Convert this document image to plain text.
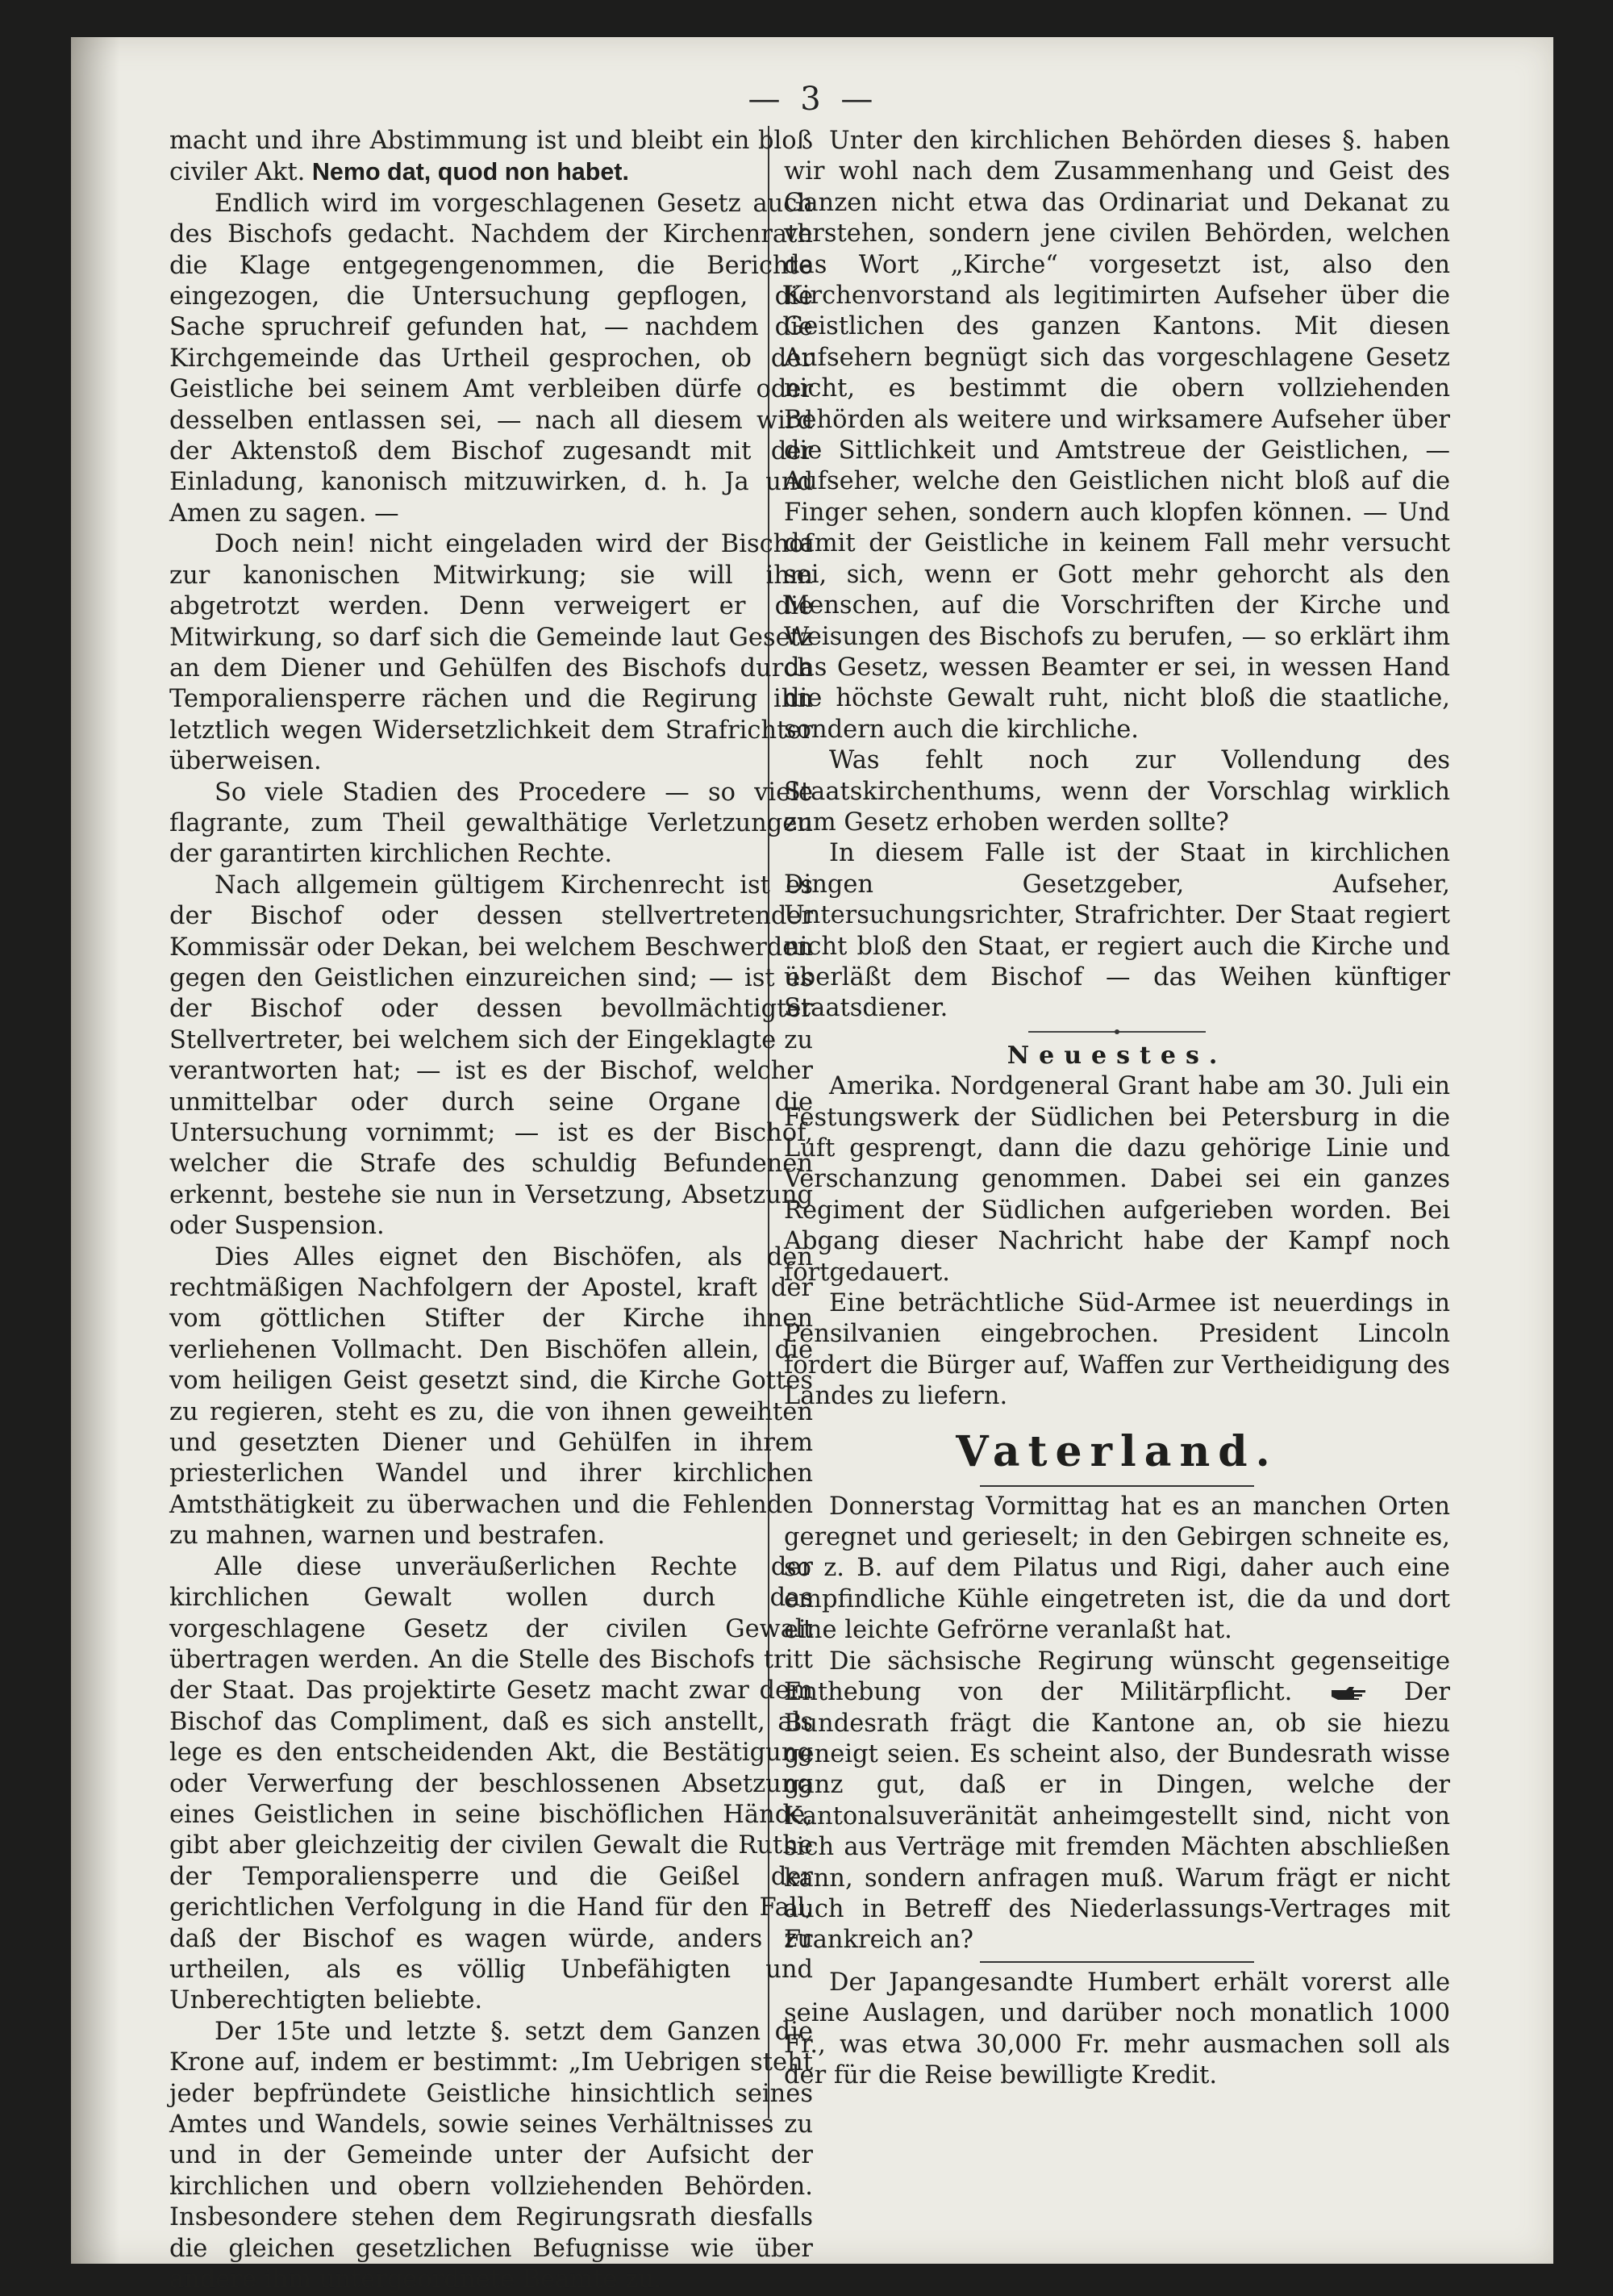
— 3 —

macht und ihre Abstimmung ist und bleibt ein bloß civiler Akt. Nemo dat, quod non habet.

Endlich wird im vorgeschlagenen Gesetz auch des Bischofs gedacht. Nachdem der Kirchenrath die Klage entgegengenommen, die Berichte eingezogen, die Untersuchung gepflogen, die Sache spruchreif gefunden hat, — nachdem die Kirchgemeinde das Urtheil gesprochen, ob der Geistliche bei seinem Amt verbleiben dürfe oder desselben entlassen sei, — nach all diesem wird der Aktenstoß dem Bischof zugesandt mit der Einladung, kanonisch mitzuwirken, d. h. Ja und Amen zu sagen. —

Doch nein! nicht eingeladen wird der Bischof zur kanonischen Mitwirkung; sie will ihm abgetrotzt werden. Denn verweigert er die Mitwirkung, so darf sich die Gemeinde laut Gesetz an dem Diener und Gehülfen des Bischofs durch Temporaliensperre rächen und die Regirung ihn letztlich wegen Widersetzlichkeit dem Strafrichter überweisen.

So viele Stadien des Procedere — so viele flagrante, zum Theil gewalthätige Verletzungen der garantirten kirchlichen Rechte.

Nach allgemein gültigem Kirchenrecht ist es der Bischof oder dessen stellvertretender Kommissär oder Dekan, bei welchem Beschwerden gegen den Geistlichen einzureichen sind; — ist es der Bischof oder dessen bevollmächtigter Stellvertreter, bei welchem sich der Eingeklagte zu verantworten hat; — ist es der Bischof, welcher unmittelbar oder durch seine Organe die Untersuchung vornimmt; — ist es der Bischof, welcher die Strafe des schuldig Befundenen erkennt, bestehe sie nun in Versetzung, Absetzung oder Suspension.

Dies Alles eignet den Bischöfen, als den rechtmäßigen Nachfolgern der Apostel, kraft der vom göttlichen Stifter der Kirche ihnen verliehenen Vollmacht. Den Bischöfen allein, die vom heiligen Geist gesetzt sind, die Kirche Gottes zu regieren, steht es zu, die von ihnen geweihten und gesetzten Diener und Gehülfen in ihrem priesterlichen Wandel und ihrer kirchlichen Amtsthätigkeit zu überwachen und die Fehlenden zu mahnen, warnen und bestrafen.

Alle diese unveräußerlichen Rechte der kirchlichen Gewalt wollen durch das vorgeschlagene Gesetz der civilen Gewalt übertragen werden. An die Stelle des Bischofs tritt der Staat. Das projektirte Gesetz macht zwar dem Bischof das Compliment, daß es sich anstellt, als lege es den entscheidenden Akt, die Bestätigung oder Verwerfung der beschlossenen Absetzung eines Geistlichen in seine bischöflichen Hände, gibt aber gleichzeitig der civilen Gewalt die Ruthe der Temporaliensperre und die Geißel der gerichtlichen Verfolgung in die Hand für den Fall, daß der Bischof es wagen würde, anders zu urtheilen, als es völlig Unbefähigten und Unberechtigten beliebte.

Der 15te und letzte §. setzt dem Ganzen die Krone auf, indem er bestimmt: „Im Uebrigen steht jeder bepfründete Geistliche hinsichtlich seines Amtes und Wandels, sowie seines Verhältnisses zu und in der Gemeinde unter der Aufsicht der kirchlichen und obern vollziehenden Behörden. Insbesondere stehen dem Regirungsrath diesfalls die gleichen gesetzlichen Befugnisse wie über andere ihm untergeordnete Beamte zu.

Unter den kirchlichen Behörden dieses §. haben wir wohl nach dem Zusammenhang und Geist des Ganzen nicht etwa das Ordinariat und Dekanat zu verstehen, sondern jene civilen Behörden, welchen das Wort „Kirche“ vorgesetzt ist, also den Kirchenvorstand als legitimirten Aufseher über die Geistlichen des ganzen Kantons. Mit diesen Aufsehern begnügt sich das vorgeschlagene Gesetz nicht, es bestimmt die obern vollziehenden Behörden als weitere und wirksamere Aufseher über die Sittlichkeit und Amtstreue der Geistlichen, — Aufseher, welche den Geistlichen nicht bloß auf die Finger sehen, sondern auch klopfen können. — Und damit der Geistliche in keinem Fall mehr versucht sei, sich, wenn er Gott mehr gehorcht als den Menschen, auf die Vorschriften der Kirche und Weisungen des Bischofs zu berufen, — so erklärt ihm das Gesetz, wessen Beamter er sei, in wessen Hand die höchste Gewalt ruht, nicht bloß die staatliche, sondern auch die kirchliche.

Was fehlt noch zur Vollendung des Staatskirchenthums, wenn der Vorschlag wirklich zum Gesetz erhoben werden sollte?

In diesem Falle ist der Staat in kirchlichen Dingen Gesetzgeber, Aufseher, Untersuchungsrichter, Strafrichter. Der Staat regiert nicht bloß den Staat, er regiert auch die Kirche und überläßt dem Bischof — das Weihen künftiger Staatsdiener.

Neuestes.

Amerika. Nordgeneral Grant habe am 30. Juli ein Festungswerk der Südlichen bei Petersburg in die Luft gesprengt, dann die dazu gehörige Linie und Verschanzung genommen. Dabei sei ein ganzes Regiment der Südlichen aufgerieben worden. Bei Abgang dieser Nachricht habe der Kampf noch fortgedauert.

Eine beträchtliche Süd-Armee ist neuerdings in Pensilvanien eingebrochen. President Lincoln fordert die Bürger auf, Waffen zur Vertheidigung des Landes zu liefern.

Vaterland.

Donnerstag Vormittag hat es an manchen Orten geregnet und gerieselt; in den Gebirgen schneite es, so z. B. auf dem Pilatus und Rigi, daher auch eine empfindliche Kühle eingetreten ist, die da und dort eine leichte Gefrörne veranlaßt hat.

Die sächsische Regirung wünscht gegenseitige Enthebung von der Militärpflicht.	Der Bundesrath frägt die Kantone an, ob sie hiezu geneigt seien. Es scheint also, der Bundesrath wisse ganz gut, daß er in Dingen, welche der Kantonalsuveränität anheimgestellt sind, nicht von sich aus Verträge mit fremden Mächten abschließen kann, sondern anfragen muß. Warum frägt er nicht auch in Betreff des Niederlassungs-Vertrages mit Frankreich an?

Der Japangesandte Humbert erhält vorerst alle seine Auslagen, und darüber noch monatlich 1000 Fr., was etwa 30,000 Fr. mehr ausmachen soll als der für die Reise bewilligte Kredit.
